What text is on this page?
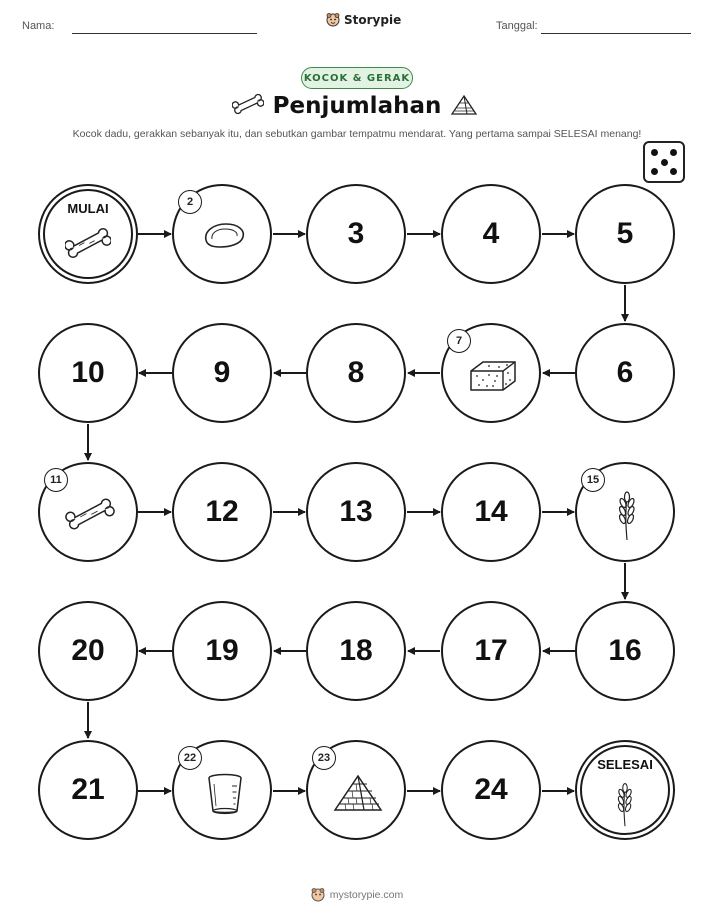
Nama:	Storypie	Tanggal:
KOCOK & GERAK
Penjumlahan
Kocok dadu, gerakkan sebanyak itu, dan sebutkan gambar tempatmu mendarat. Yang pertama sampai SELESAI menang!
MULAI	2
3	4	5
6
7
8
9
10
11
12	13	14
15
16
17
18
19
20
21
22	23
24
SELESAI
mystorypie.com
